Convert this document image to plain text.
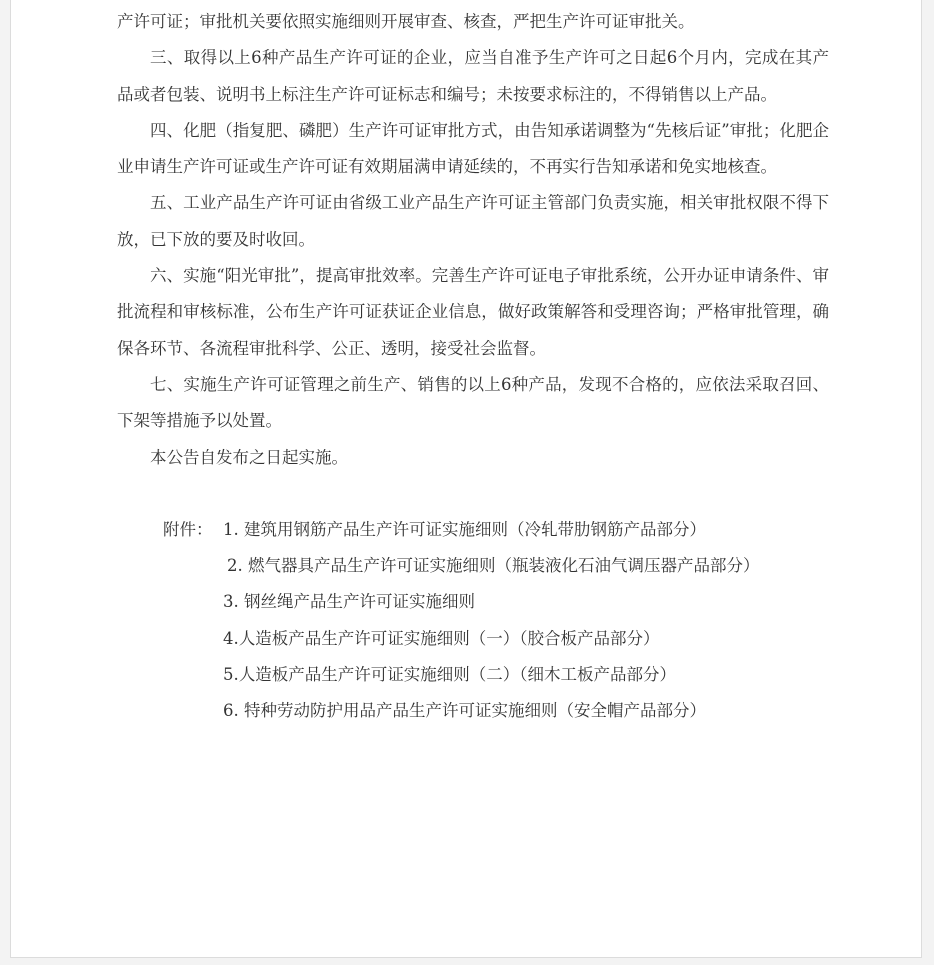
产许可证；审批机关要依照实施细则开展审查、核查，严把生产许可证审批关。

三、取得以上6种产品生产许可证的企业，应当自准予生产许可之日起6个月内，完成在其产品或者包装、说明书上标注生产许可证标志和编号；未按要求标注的，不得销售以上产品。

四、化肥（指复肥、磷肥）生产许可证审批方式，由告知承诺调整为“先核后证”审批；化肥企业申请生产许可证或生产许可证有效期届满申请延续的，不再实行告知承诺和免实地核查。

五、工业产品生产许可证由省级工业产品生产许可证主管部门负责实施，相关审批权限不得下放，已下放的要及时收回。

六、实施“阳光审批”，提高审批效率。完善生产许可证电子审批系统，公开办证申请条件、审批流程和审核标准，公布生产许可证获证企业信息，做好政策解答和受理咨询；严格审批管理，确保各环节、各流程审批科学、公正、透明，接受社会监督。

七、实施生产许可证管理之前生产、销售的以上6种产品，发现不合格的，应依法采取召回、下架等措施予以处置。

本公告自发布之日起实施。

附件： 1. 建筑用钢筋产品生产许可证实施细则（冷轧带肋钢筋产品部分）
2. 燃气器具产品生产许可证实施细则（瓶装液化石油气调压器产品部分）
3. 钢丝绳产品生产许可证实施细则
4.人造板产品生产许可证实施细则（一）（胶合板产品部分）
5.人造板产品生产许可证实施细则（二）（细木工板产品部分）
6. 特种劳动防护用品产品生产许可证实施细则（安全帽产品部分）
